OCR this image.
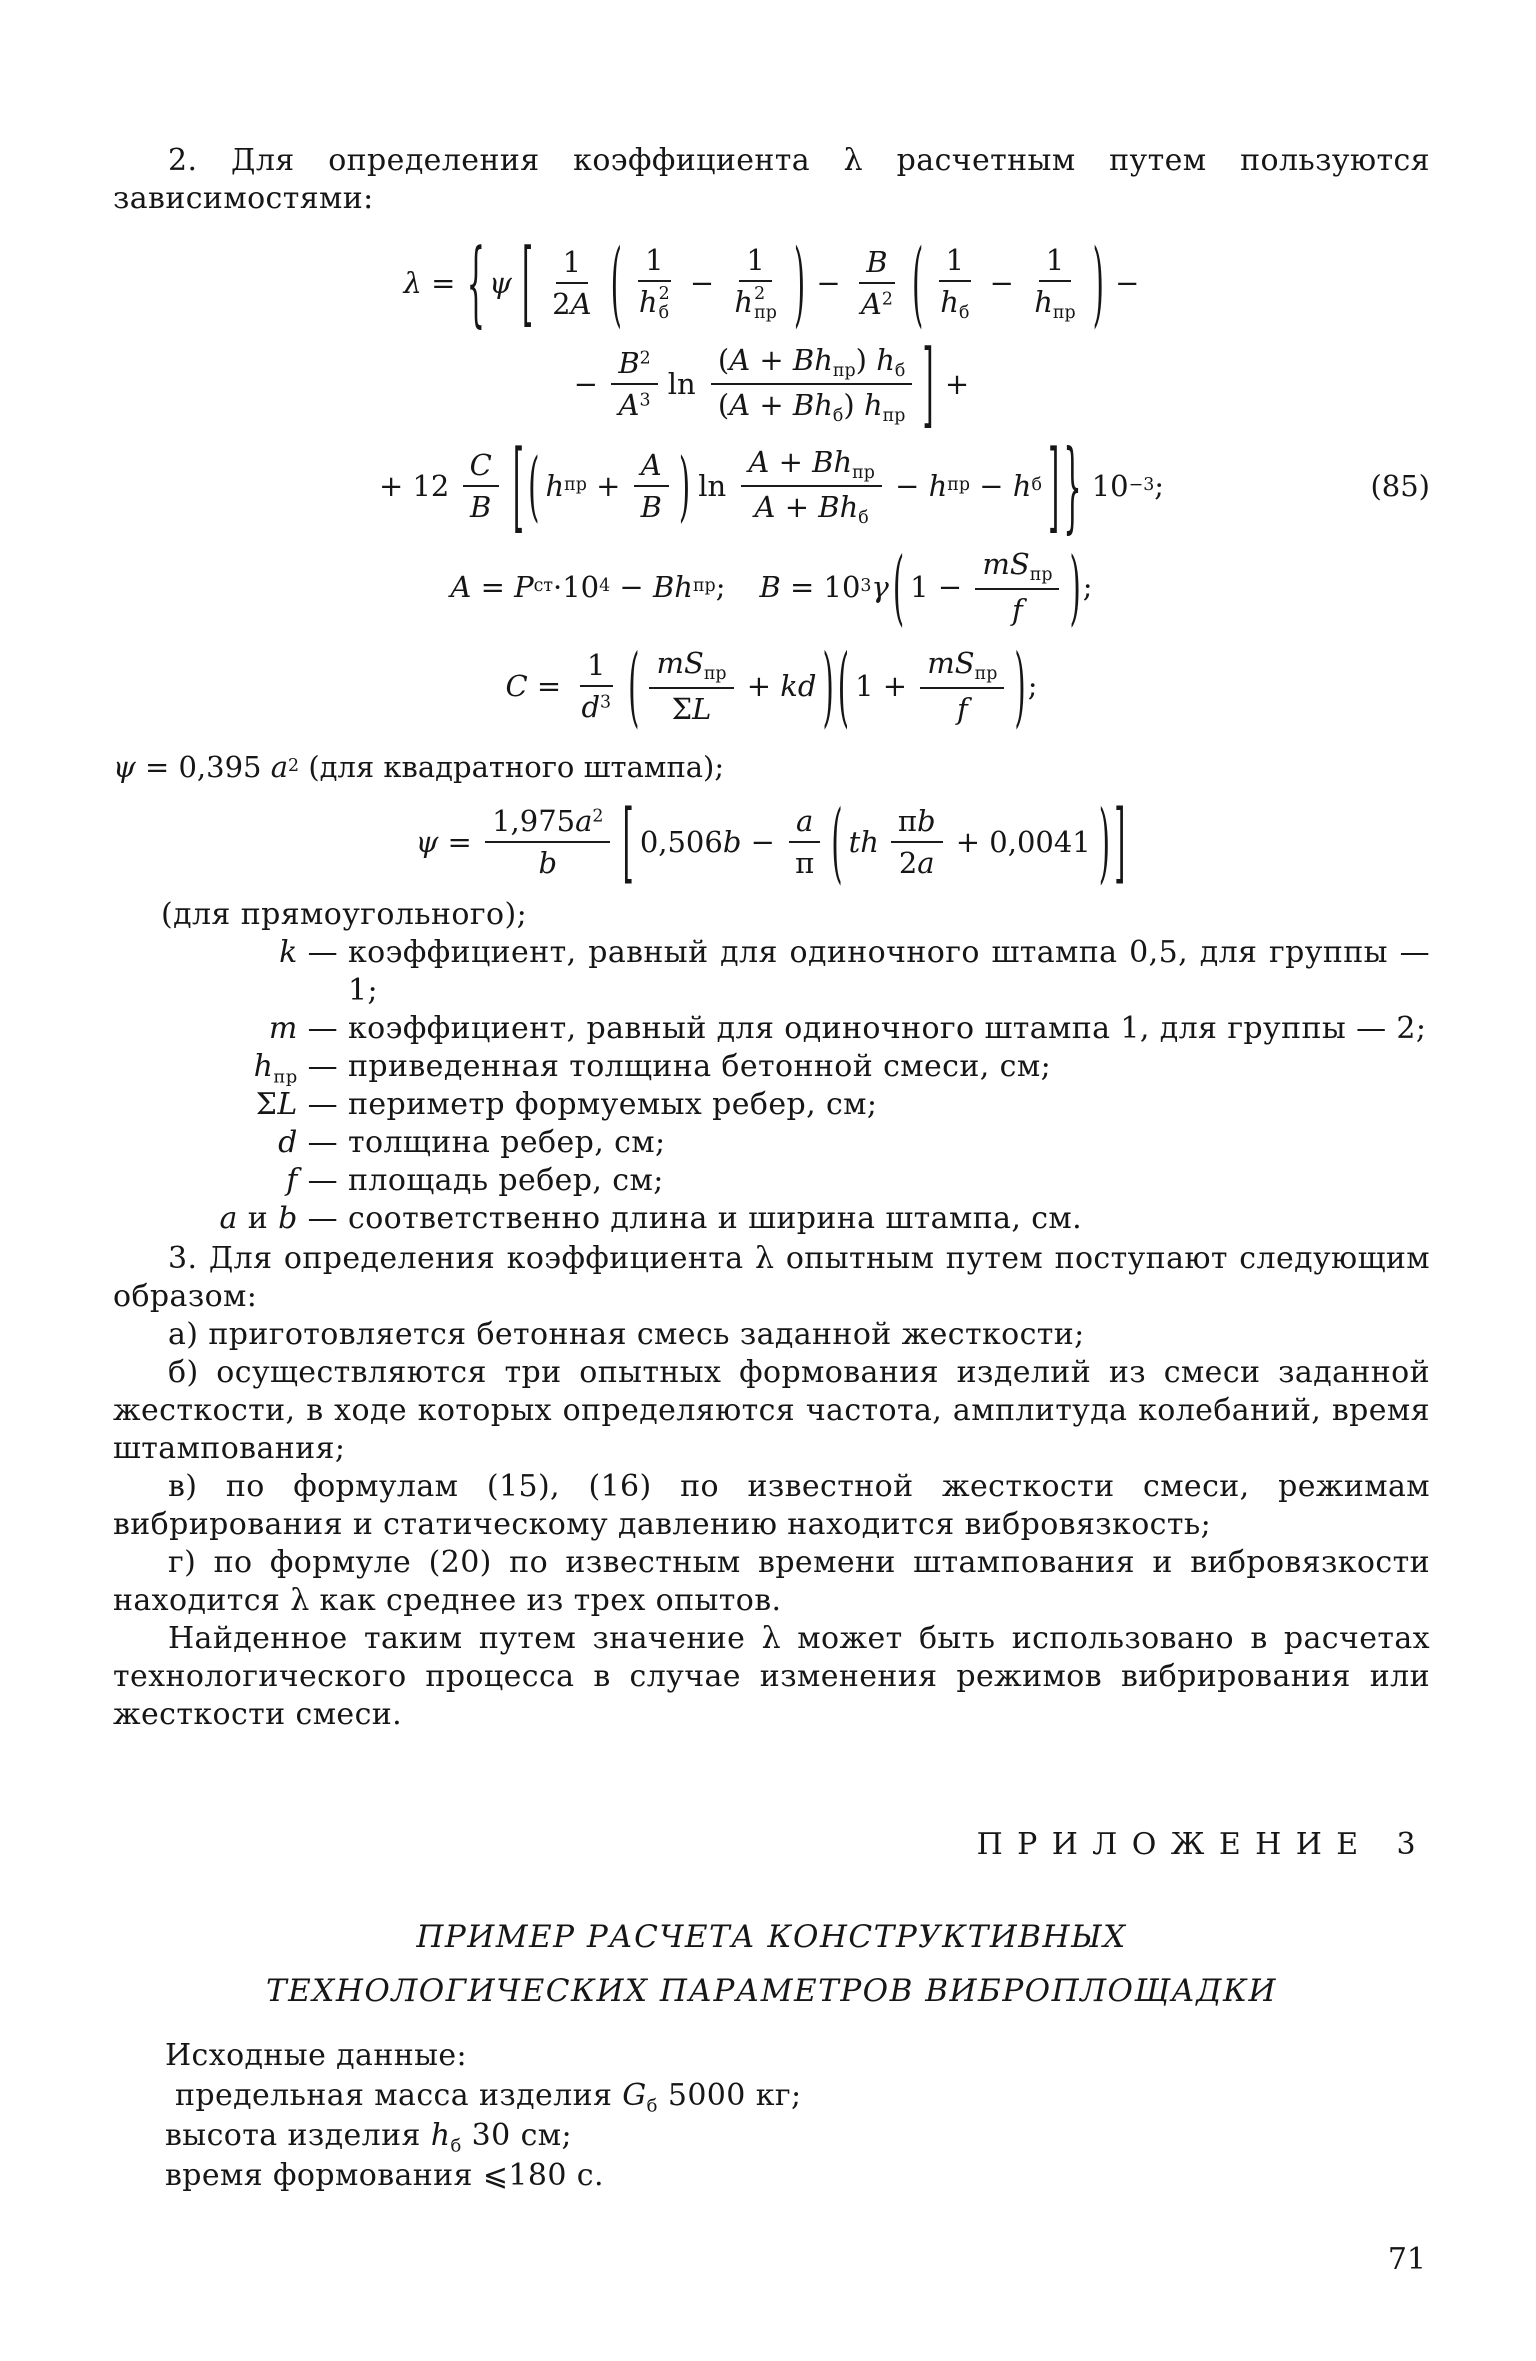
2. Для определения коэффициента λ расчетным путем пользуются зависимостями:

λ = { ψ [ $\frac{1}{2A}$ ( 1
h 2
б − 1
h 2
пр ) − $\frac{B}{A^2}$ ( $\frac{1}{h_б} - \frac{1}{h_{пр}}$ ) −
− $\frac{B^2}{A^3}$ $\ln \frac{(A + Bh_{пр}) h_б}{(A + Bh_б) h_{пр}}$ ] +
+ $12 \frac{C}{B}$ [ ( h пр + $\frac{A}{B}$ ) $\ln \frac{A + Bh_{пр}}{A + Bh_б} - h$ пр − h б ] } 10 −3 ;	(85)
A = P ст ·10 4 − B h пр ; B = 10 3 γ ( $1 - \frac{mS_{пр}}{f}$ ) ;
$C = \frac{1}{d^3}$ ( $\frac{mS_{пр}}{\Sigma L}$ + kd ) ( $1 + \frac{mS_{пр}}{f}$ ) ;
ψ = 0,395 a 2 (для квадратного штампа);
$\psi = \frac{1,975a^2}{b}$ [ 0,506 $b - \frac{a}{\pi}$ ( th $\frac{\pi b}{2a} + 0,0041$ ) ]

(для прямоугольного);

k — коэффициент, равный для одиночного штампа 0,5, для группы — 1;
m — коэффициент, равный для одиночного штампа 1, для группы — 2;
$h_{пр}$ — приведенная толщина бетонной смеси, см;
ΣL — периметр формуемых ребер, см;
d — толщина ребер, см;
f — площадь ребер, см;
a и b — соответственно длина и ширина штампа, см.

3. Для определения коэффициента λ опытным путем поступают следующим образом:

а) приготовляется бетонная смесь заданной жесткости;

б) осуществляются три опытных формования изделий из смеси заданной жесткости, в ходе которых определяются частота, амплитуда колебаний, время штампования;

в) по формулам (15), (16) по известной жесткости смеси, режимам вибрирования и статическому давлению находится вибровязкость;

г) по формуле (20) по известным времени штампования и вибровязкости находится λ как среднее из трех опытов.

Найденное таким путем значение λ может быть использовано в расчетах технологического процесса в случае изменения режимов вибрирования или жесткости смеси.

ПРИЛОЖЕНИЕ 3

ПРИМЕР РАСЧЕТА КОНСТРУКТИВНЫХ
ТЕХНОЛОГИЧЕСКИХ ПАРАМЕТРОВ ВИБРОПЛОЩАДКИ

Исходные данные:

предельная масса изделия $G_б$ 5000 кг;

высота изделия $h_б$ 30 см;

время формования ⩽180 с.

71
